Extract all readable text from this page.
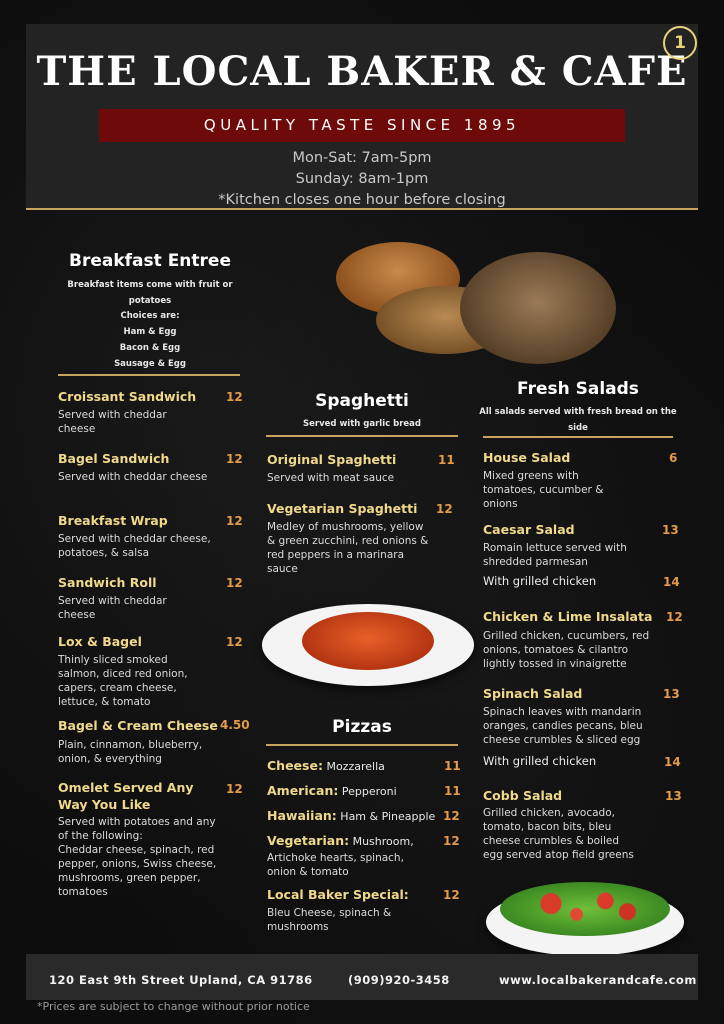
THE LOCAL BAKER & CAFE
1
QUALITY TASTE SINCE 1895
Mon-Sat: 7am-5pm
Sunday: 8am-1pm
*Kitchen closes one hour before closing
Breakfast Entree
Breakfast items come with fruit or
potatoes
Choices are:
Ham & Egg
Bacon & Egg
Sausage & Egg
Croissant Sandwich 12
Served with cheddar
cheese
Bagel Sandwich	12
Served with cheddar cheese
Breakfast Wrap	12
Served with cheddar cheese,
potatoes, & salsa
Sandwich Roll	12
Served with cheddar
cheese
Lox & Bagel	12
Thinly sliced smoked
salmon, diced red onion,
capers, cream cheese,
lettuce, & tomato
Bagel & Cream Cheese 4.50
Plain, cinnamon, blueberry,
onion, & everything
Omelet Served Any
Way You Like
12
Served with potatoes and any
of the following:
Cheddar cheese, spinach, red
pepper, onions, Swiss cheese,
mushrooms, green pepper,
tomatoes
Spaghetti
Served with garlic bread
Original Spaghetti	11
Served with meat sauce
Vegetarian Spaghetti 12
Medley of mushrooms, yellow
& green zucchini, red onions &
red peppers in a marinara
sauce
Pizzas
Cheese: Mozzarella	11
American: Pepperoni	11
Hawaiian: Ham & Pineapple 12
Vegetarian: Mushroom, 12
Artichoke hearts, spinach,
onion & tomato
Local Baker Special:	12
Bleu Cheese, spinach &
mushrooms
Fresh Salads
All salads served with fresh bread on the
side
House Salad	6
Mixed greens with
tomatoes, cucumber &
onions
Caesar Salad	13
Romain lettuce served with
shredded parmesan
With grilled chicken	14
Chicken & Lime Insalata 12
Grilled chicken, cucumbers, red
onions, tomatoes & cilantro
lightly tossed in vinaigrette
Spinach Salad	13
Spinach leaves with mandarin
oranges, candies pecans, bleu
cheese crumbles & sliced egg
With grilled chicken	14
Cobb Salad	13
Grilled chicken, avocado,
tomato, bacon bits, bleu
cheese crumbles & boiled
egg served atop field greens
120 East 9th Street Upland, CA 91786	(909)920-3458	www.localbakerandcafe.com
*Prices are subject to change without prior notice
